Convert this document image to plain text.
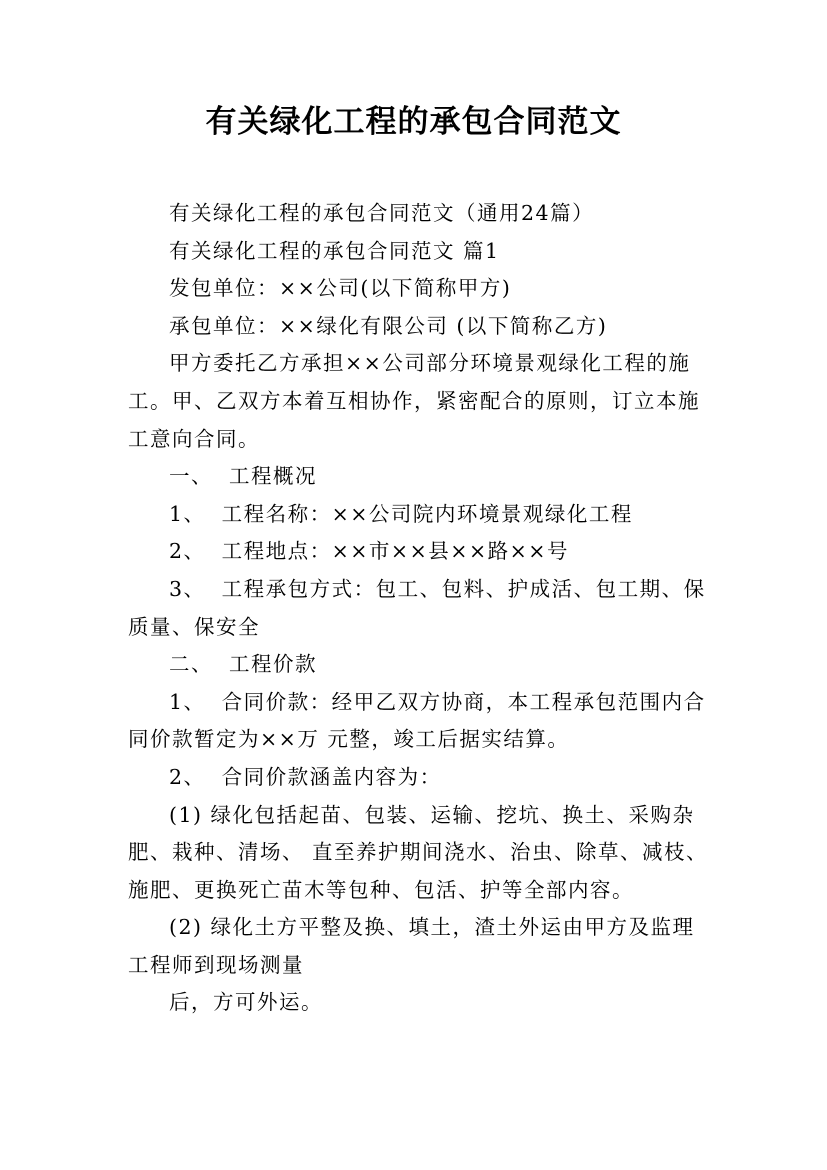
有关绿化工程的承包合同范文

有关绿化工程的承包合同范文（通用24篇）

有关绿化工程的承包合同范文 篇1

发包单位：××公司(以下简称甲方)

承包单位：××绿化有限公司 (以下简称乙方)

甲方委托乙方承担××公司部分环境景观绿化工程的施工。甲、乙双方本着互相协作，紧密配合的原则，订立本施工意向合同。

一、  工程概况

1、  工程名称：××公司院内环境景观绿化工程

2、  工程地点：××市××县××路××号

3、  工程承包方式：包工、包料、护成活、包工期、保质量、保安全

二、  工程价款

1、  合同价款：经甲乙双方协商，本工程承包范围内合同价款暂定为××万 元整，竣工后据实结算。

2、  合同价款涵盖内容为：

(1) 绿化包括起苗、包装、运输、挖坑、换土、采购杂肥、栽种、清场、 直至养护期间浇水、治虫、除草、减枝、施肥、更换死亡苗木等包种、包活、护等全部内容。

(2) 绿化土方平整及换、填土，渣土外运由甲方及监理工程师到现场测量

后，方可外运。
